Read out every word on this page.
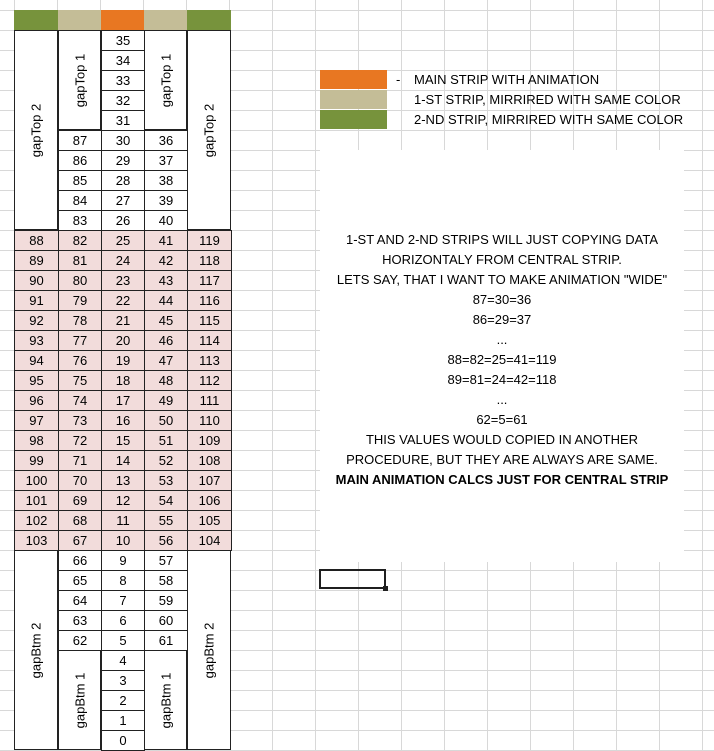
gapTop 2
gapTop 1	gapTop 1
gapTop 2
gapBtm 2
gapBtm 1	gapBtm 1
gapBtm 2
35
34
33
32
31
87	30	36
86	29	37
85	28	38
84	27	39
83	26	40
88	82	25	41	119
89	81	24	42	118
90	80	23	43	117
91	79	22	44	116
92	78	21	45	115
93	77	20	46	114
94	76	19	47	113
95	75	18	48	112
96	74	17	49	111
97	73	16	50	110
98	72	15	51	109
99	71	14	52	108
100	70	13	53	107
101	69	12	54	106
102	68	11	55	105
103	67	10	56	104
66	9	57
65	8	58
64	7	59
63	6	60
62	5	61
4
3
2
1
0
- MAIN STRIP WITH ANIMATION
1-ST STRIP, MIRRIRED WITH SAME COLOR
2-ND STRIP, MIRRIRED WITH SAME COLOR
1-ST AND 2-ND STRIPS WILL JUST COPYING DATA
HORIZONTALY FROM CENTRAL STRIP.
LETS SAY, THAT I WANT TO MAKE ANIMATION "WIDE"
87=30=36
86=29=37
...
88=82=25=41=119
89=81=24=42=118
...
62=5=61
THIS VALUES WOULD COPIED IN ANOTHER
PROCEDURE, BUT THEY ARE ALWAYS ARE SAME.
MAIN ANIMATION CALCS JUST FOR CENTRAL STRIP
